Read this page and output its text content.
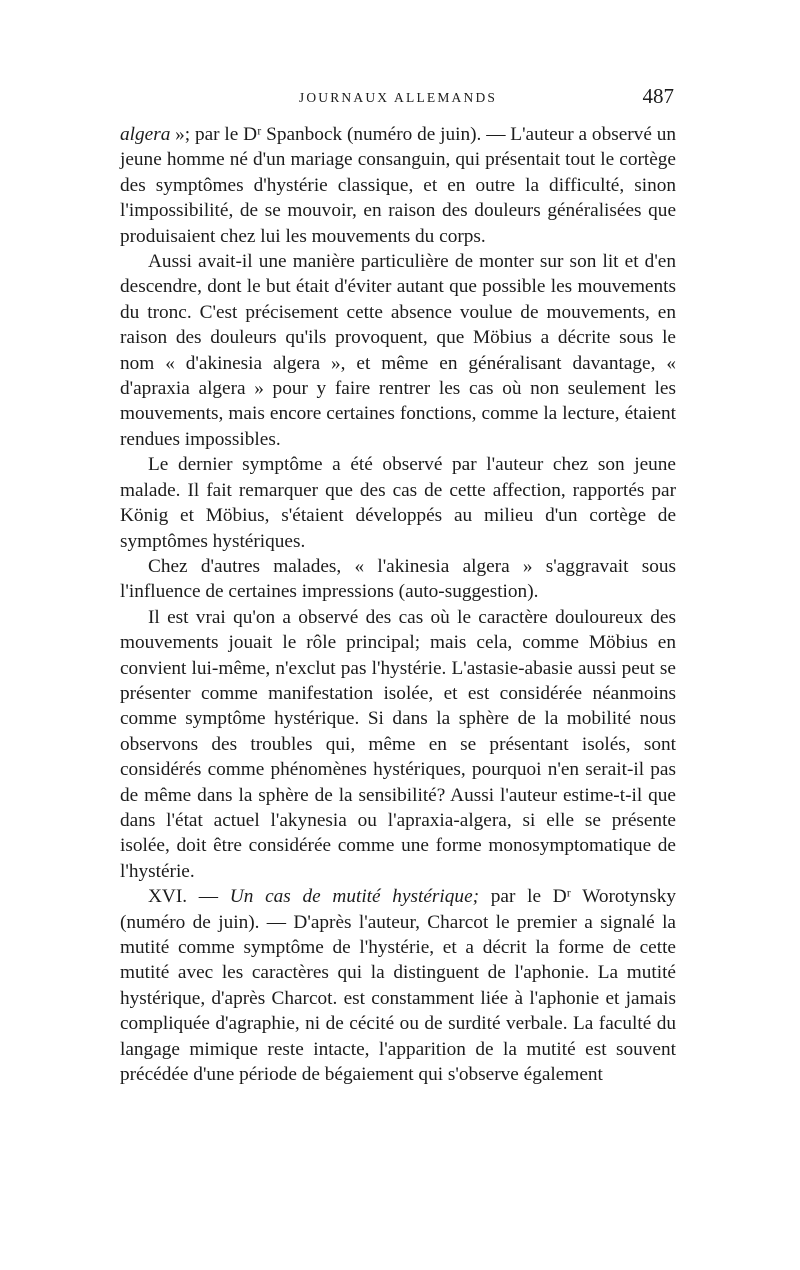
JOURNAUX ALLEMANDS	487

algera »; par le Dʳ Spanbock (numéro de juin). — L'auteur a observé un jeune homme né d'un mariage consanguin, qui présentait tout le cortège des symptômes d'hystérie classique, et en outre la difficulté, sinon l'impossibilité, de se mouvoir, en raison des douleurs généralisées que produisaient chez lui les mouvements du corps.

Aussi avait-il une manière particulière de monter sur son lit et d'en descendre, dont le but était d'éviter autant que possible les mouvements du tronc. C'est précisement cette absence voulue de mouvements, en raison des douleurs qu'ils provoquent, que Möbius a décrite sous le nom « d'akinesia algera », et même en généralisant davantage, « d'apraxia algera » pour y faire rentrer les cas où non seulement les mouvements, mais encore certaines fonctions, comme la lecture, étaient rendues impossibles.

Le dernier symptôme a été observé par l'auteur chez son jeune malade. Il fait remarquer que des cas de cette affection, rapportés par König et Möbius, s'étaient développés au milieu d'un cortège de symptômes hystériques.

Chez d'autres malades, « l'akinesia algera » s'aggravait sous l'influence de certaines impressions (auto-suggestion).

Il est vrai qu'on a observé des cas où le caractère douloureux des mouvements jouait le rôle principal; mais cela, comme Möbius en convient lui-même, n'exclut pas l'hystérie. L'astasie-abasie aussi peut se présenter comme manifestation isolée, et est considérée néanmoins comme symptôme hystérique. Si dans la sphère de la mobilité nous observons des troubles qui, même en se présentant isolés, sont considérés comme phénomènes hystériques, pourquoi n'en serait-il pas de même dans la sphère de la sensibilité? Aussi l'auteur estime-t-il que dans l'état actuel l'akynesia ou l'apraxia-algera, si elle se présente isolée, doit être considérée comme une forme monosymptomatique de l'hystérie.

XVI. — Un cas de mutité hystérique; par le Dʳ Worotynsky (numéro de juin). — D'après l'auteur, Charcot le premier a signalé la mutité comme symptôme de l'hystérie, et a décrit la forme de cette mutité avec les caractères qui la distinguent de l'aphonie. La mutité hystérique, d'après Charcot. est constamment liée à l'aphonie et jamais compliquée d'agraphie, ni de cécité ou de surdité verbale. La faculté du langage mimique reste intacte, l'apparition de la mutité est souvent précédée d'une période de bégaiement qui s'observe également
